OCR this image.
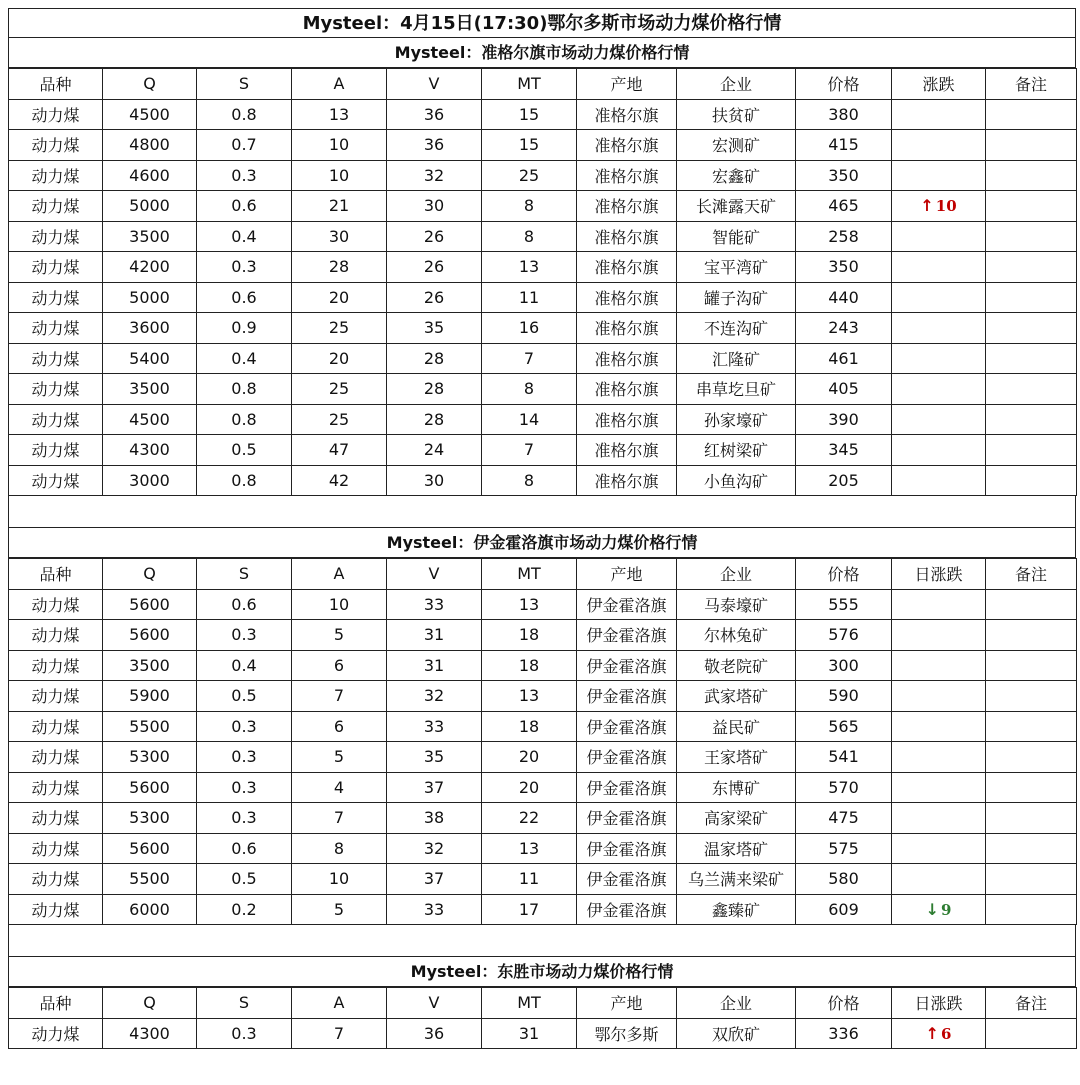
Mysteel：4月15日(17:30)鄂尔多斯市场动力煤价格行情
Mysteel：准格尔旗市场动力煤价格行情
品种	Q	S	A	V	MT	产地	企业	价格	涨跌	备注
动力煤	4500	0.8	13	36	15	准格尔旗	扶贫矿	380		
动力煤	4800	0.7	10	36	15	准格尔旗	宏测矿	415		
动力煤	4600	0.3	10	32	25	准格尔旗	宏鑫矿	350		
动力煤	5000	0.6	21	30	8	准格尔旗	长滩露天矿	465	↑ 10	
动力煤	3500	0.4	30	26	8	准格尔旗	智能矿	258		
动力煤	4200	0.3	28	26	13	准格尔旗	宝平湾矿	350		
动力煤	5000	0.6	20	26	11	准格尔旗	罐子沟矿	440		
动力煤	3600	0.9	25	35	16	准格尔旗	不连沟矿	243		
动力煤	5400	0.4	20	28	7	准格尔旗	汇隆矿	461		
动力煤	3500	0.8	25	28	8	准格尔旗	串草圪旦矿	405		
动力煤	4500	0.8	25	28	14	准格尔旗	孙家壕矿	390		
动力煤	4300	0.5	47	24	7	准格尔旗	红树梁矿	345		
动力煤	3000	0.8	42	30	8	准格尔旗	小鱼沟矿	205		
Mysteel：伊金霍洛旗市场动力煤价格行情
品种	Q	S	A	V	MT	产地	企业	价格	日涨跌	备注
动力煤	5600	0.6	10	33	13	伊金霍洛旗	马泰壕矿	555		
动力煤	5600	0.3	5	31	18	伊金霍洛旗	尔林兔矿	576		
动力煤	3500	0.4	6	31	18	伊金霍洛旗	敬老院矿	300		
动力煤	5900	0.5	7	32	13	伊金霍洛旗	武家塔矿	590		
动力煤	5500	0.3	6	33	18	伊金霍洛旗	益民矿	565		
动力煤	5300	0.3	5	35	20	伊金霍洛旗	王家塔矿	541		
动力煤	5600	0.3	4	37	20	伊金霍洛旗	东博矿	570		
动力煤	5300	0.3	7	38	22	伊金霍洛旗	高家梁矿	475		
动力煤	5600	0.6	8	32	13	伊金霍洛旗	温家塔矿	575		
动力煤	5500	0.5	10	37	11	伊金霍洛旗	乌兰满来梁矿	580		
动力煤	6000	0.2	5	33	17	伊金霍洛旗	鑫臻矿	609	↓ 9	
Mysteel：东胜市场动力煤价格行情
品种	Q	S	A	V	MT	产地	企业	价格	日涨跌	备注
动力煤	4300	0.3	7	36	31	鄂尔多斯	双欣矿	336	↑ 6	
